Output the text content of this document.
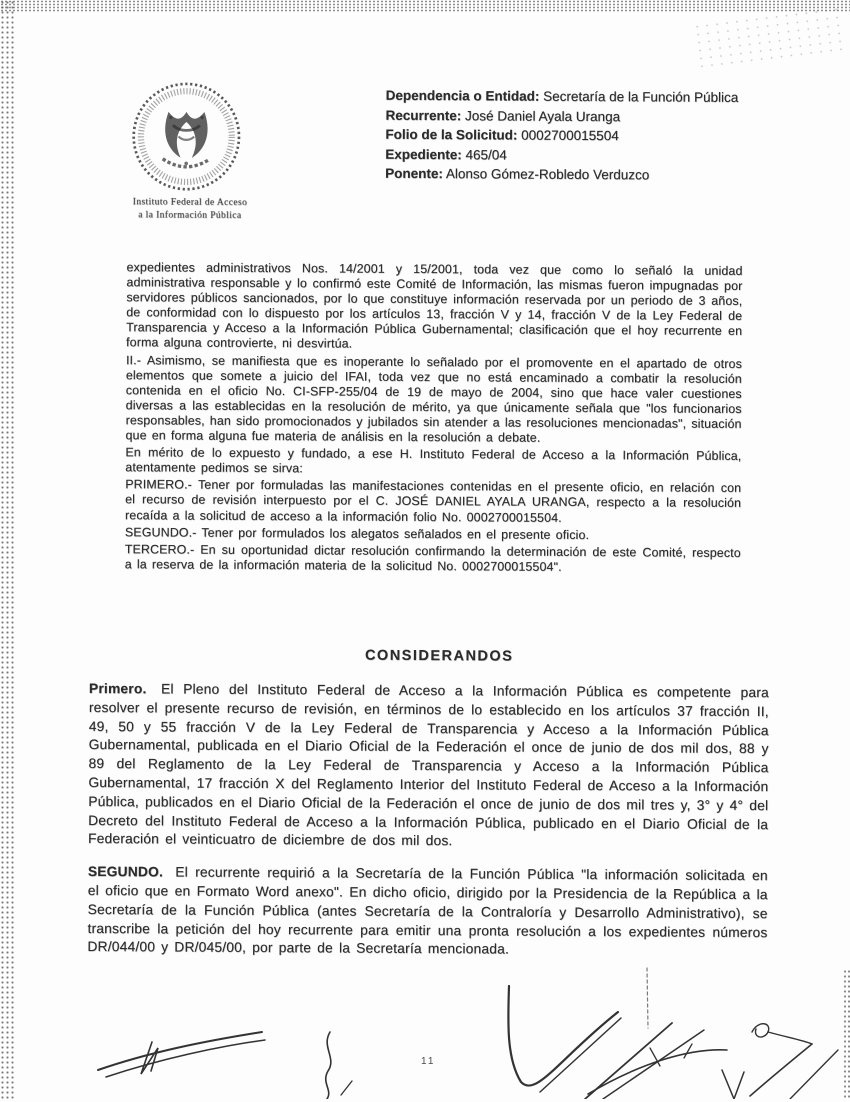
Instituto Federal de Acceso
a la Información Pública
Dependencia o Entidad: Secretaría de la Función Pública
Recurrente: José Daniel Ayala Uranga
Folio de la Solicitud: 0002700015504
Expediente: 465/04
Ponente: Alonso Gómez-Robledo Verduzco

expedientes administrativos Nos. 14/2001 y 15/2001, toda vez que como lo señaló la unidad administrativa responsable y lo confirmó este Comité de Información, las mismas fueron impugnadas por servidores públicos sancionados, por lo que constituye información reservada por un periodo de 3 años, de conformidad con lo dispuesto por los artículos 13, fracción V y 14, fracción V de la Ley Federal de Transparencia y Acceso a la Información Pública Gubernamental; clasificación que el hoy recurrente en forma alguna controvierte, ni desvirtúa.

II.- Asimismo, se manifiesta que es inoperante lo señalado por el promovente en el apartado de otros elementos que somete a juicio del IFAI, toda vez que no está encaminado a combatir la resolución contenida en el oficio No. CI-SFP-255/04 de 19 de mayo de 2004, sino que hace valer cuestiones diversas a las establecidas en la resolución de mérito, ya que únicamente señala que "los funcionarios responsables, han sido promocionados y jubilados sin atender a las resoluciones mencionadas", situación que en forma alguna fue materia de análisis en la resolución a debate.

En mérito de lo expuesto y fundado, a ese H. Instituto Federal de Acceso a la Información Pública, atentamente pedimos se sirva:

PRIMERO.- Tener por formuladas las manifestaciones contenidas en el presente oficio, en relación con el recurso de revisión interpuesto por el C. JOSÉ DANIEL AYALA URANGA, respecto a la resolución recaída a la solicitud de acceso a la información folio No. 0002700015504.

SEGUNDO.- Tener por formulados los alegatos señalados en el presente oficio.

TERCERO.- En su oportunidad dictar resolución confirmando la determinación de este Comité, respecto a la reserva de la información materia de la solicitud No. 0002700015504".

CONSIDERANDOS

Primero. El Pleno del Instituto Federal de Acceso a la Información Pública es competente para resolver el presente recurso de revisión, en términos de lo establecido en los artículos 37 fracción II, 49, 50 y 55 fracción V de la Ley Federal de Transparencia y Acceso a la Información Pública Gubernamental, publicada en el Diario Oficial de la Federación el once de junio de dos mil dos, 88 y 89 del Reglamento de la Ley Federal de Transparencia y Acceso a la Información Pública Gubernamental, 17 fracción X del Reglamento Interior del Instituto Federal de Acceso a la Información Pública, publicados en el Diario Oficial de la Federación el once de junio de dos mil tres y, 3° y 4° del Decreto del Instituto Federal de Acceso a la Información Pública, publicado en el Diario Oficial de la Federación el veinticuatro de diciembre de dos mil dos.

SEGUNDO. El recurrente requirió a la Secretaría de la Función Pública "la información solicitada en el oficio que en Formato Word anexo". En dicho oficio, dirigido por la Presidencia de la República a la Secretaría de la Función Pública (antes Secretaría de la Contraloría y Desarrollo Administrativo), se transcribe la petición del hoy recurrente para emitir una pronta resolución a los expedientes números DR/044/00 y DR/045/00, por parte de la Secretaría mencionada.

11
